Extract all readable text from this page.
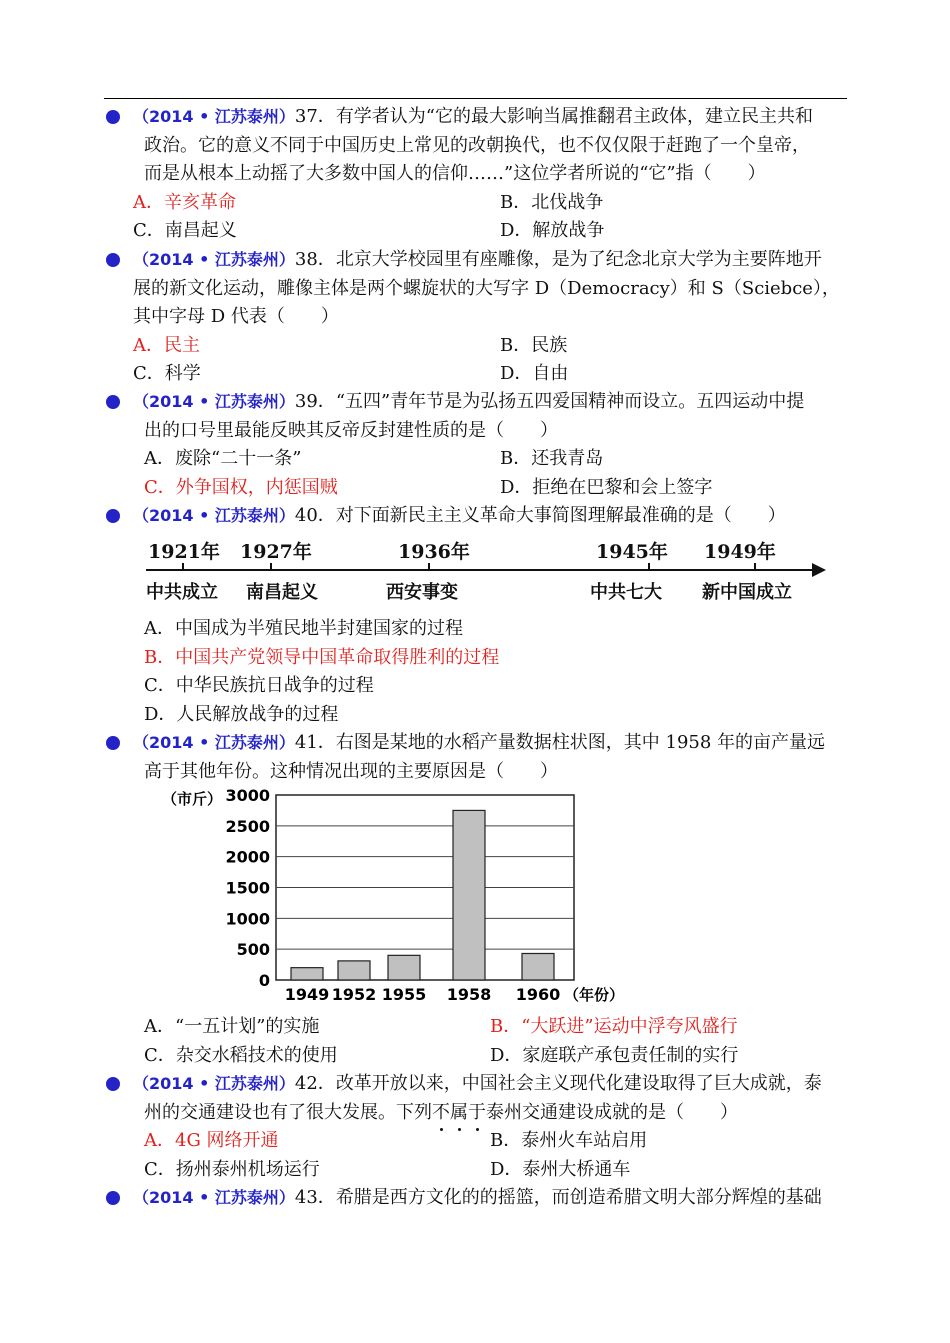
（2014 • 江苏泰州）37．有学者认为“它的最大影响当属推翻君主政体，建立民主共和
政治。它的意义不同于中国历史上常见的改朝换代，也不仅仅限于赶跑了一个皇帝，
而是从根本上动摇了大多数中国人的信仰……”这位学者所说的“它”指（　　）
A．辛亥革命	B．北伐战争
C．南昌起义	D．解放战争
（2014 • 江苏泰州）38．北京大学校园里有座雕像，是为了纪念北京大学为主要阵地开
展的新文化运动，雕像主体是两个螺旋状的大写字 D（Democracy）和 S（Sciebce），
其中字母 D 代表（　　）
A．民主	B．民族
C．科学	D．自由
（2014 • 江苏泰州）39．“五四”青年节是为弘扬五四爱国精神而设立。五四运动中提
出的口号里最能反映其反帝反封建性质的是（　　）
A．废除“二十一条”	B．还我青岛
C．外争国权，内惩国贼	D．拒绝在巴黎和会上签字
（2014 • 江苏泰州）40．对下面新民主主义革命大事简图理解最准确的是（　　）
1921年 1927年	1936年	1945年 1949年
中共成立 南昌起义	西安事变	中共七大 新中国成立
A．中国成为半殖民地半封建国家的过程
B．中国共产党领导中国革命取得胜利的过程
C．中华民族抗日战争的过程
D．人民解放战争的过程
（2014 • 江苏泰州）41．右图是某地的水稻产量数据柱状图，其中 1958 年的亩产量远
高于其他年份。这种情况出现的主要原因是（　　）
3000
2500
2000
1500
1000
500
0
1949 1952 1955 1958 1960
（市斤）
（年份）
A．“一五计划”的实施	B．“大跃进”运动中浮夸风盛行
C．杂交水稻技术的使用	D．家庭联产承包责任制的实行
（2014 • 江苏泰州）42．改革开放以来，中国社会主义现代化建设取得了巨大成就，泰
州的交通建设也有了很大发展。下列不属于泰州交通建设成就的是（　　）
A．4G 网络开通	B．泰州火车站启用
C．扬州泰州机场运行	D．泰州大桥通车
（2014 • 江苏泰州）43．希腊是西方文化的的摇篮，而创造希腊文明大部分辉煌的基础
